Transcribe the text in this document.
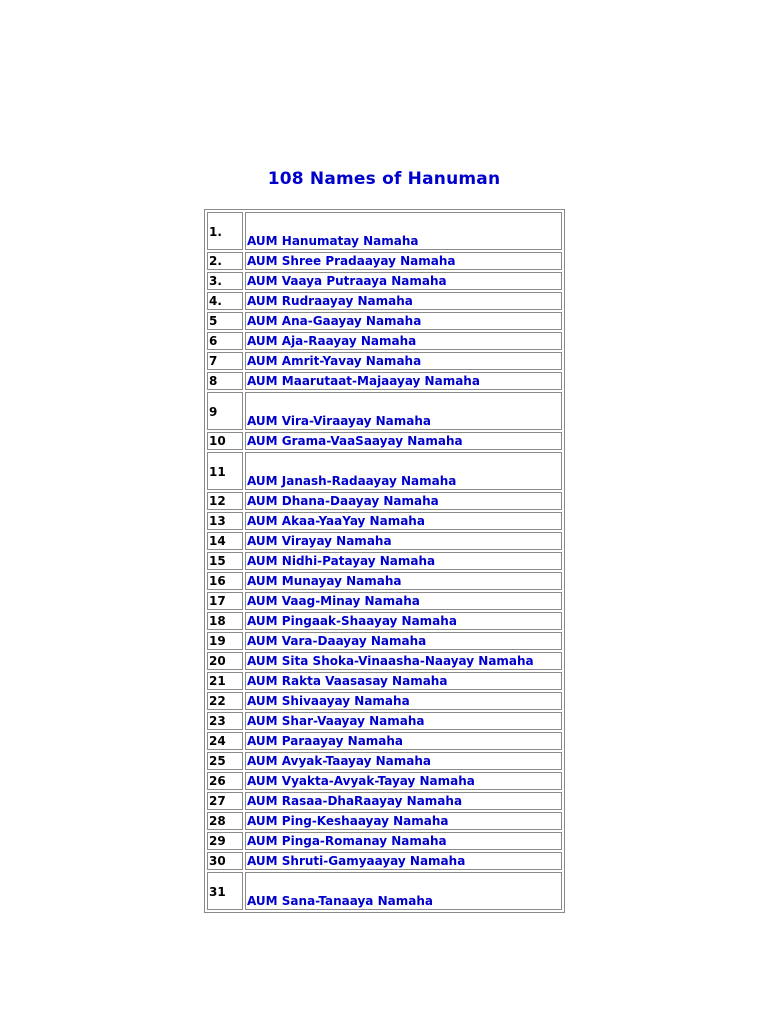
108 Names of Hanuman
1.	AUM Hanumatay Namaha
2.	AUM Shree Pradaayay Namaha
3.	AUM Vaaya Putraaya Namaha
4.	AUM Rudraayay Namaha
5	AUM Ana-Gaayay Namaha
6	AUM Aja-Raayay Namaha
7	AUM Amrit-Yavay Namaha
8	AUM Maarutaat-Majaayay Namaha
9	AUM Vira-Viraayay Namaha
10	AUM Grama-VaaSaayay Namaha
11	AUM Janash-Radaayay Namaha
12	AUM Dhana-Daayay Namaha
13	AUM Akaa-YaaYay Namaha
14	AUM Virayay Namaha
15	AUM Nidhi-Patayay Namaha
16	AUM Munayay Namaha
17	AUM Vaag-Minay Namaha
18	AUM Pingaak-Shaayay Namaha
19	AUM Vara-Daayay Namaha
20	AUM Sita Shoka-Vinaasha-Naayay Namaha
21	AUM Rakta Vaasasay Namaha
22	AUM Shivaayay Namaha
23	AUM Shar-Vaayay Namaha
24	AUM Paraayay Namaha
25	AUM Avyak-Taayay Namaha
26	AUM Vyakta-Avyak-Tayay Namaha
27	AUM Rasaa-DhaRaayay Namaha
28	AUM Ping-Keshaayay Namaha
29	AUM Pinga-Romanay Namaha
30	AUM Shruti-Gamyaayay Namaha
31	AUM Sana-Tanaaya Namaha
